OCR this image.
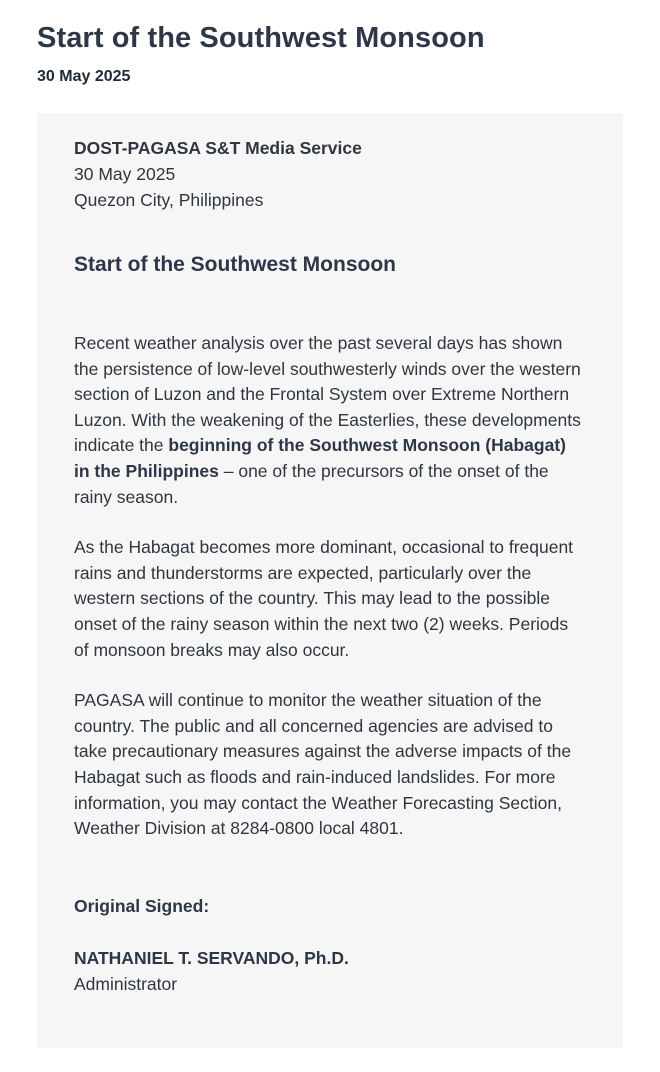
Start of the Southwest Monsoon
30 May 2025
DOST-PAGASA S&T Media Service
30 May 2025
Quezon City, Philippines
Start of the Southwest Monsoon

Recent weather analysis over the past several days has shown the persistence of low-level southwesterly winds over the western section of Luzon and the Frontal System over Extreme Northern Luzon. With the weakening of the Easterlies, these developments indicate the beginning of the Southwest Monsoon (Habagat) in the Philippines – one of the precursors of the onset of the rainy season.

As the Habagat becomes more dominant, occasional to frequent rains and thunderstorms are expected, particularly over the western sections of the country. This may lead to the possible onset of the rainy season within the next two (2) weeks. Periods of monsoon breaks may also occur.

PAGASA will continue to monitor the weather situation of the country. The public and all concerned agencies are advised to take precautionary measures against the adverse impacts of the Habagat such as floods and rain-induced landslides. For more information, you may contact the Weather Forecasting Section, Weather Division at 8284-0800 local 4801.

Original Signed:
NATHANIEL T. SERVANDO, Ph.D.
Administrator
